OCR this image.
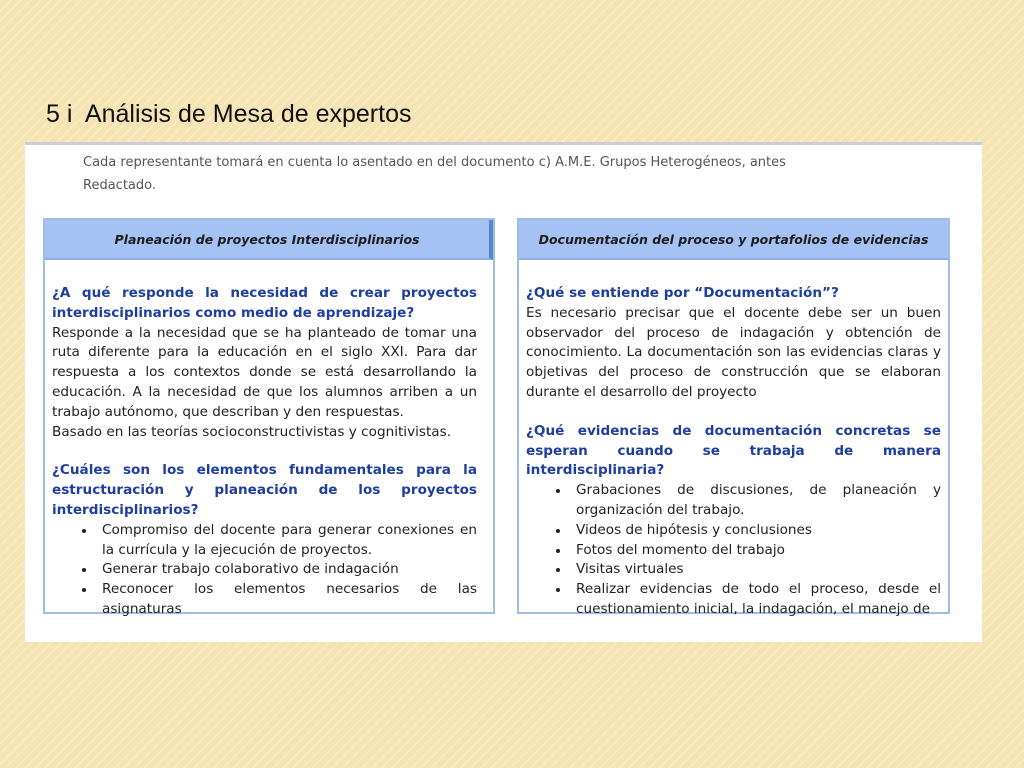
5 i  Análisis de Mesa de expertos
Cada representante tomará en cuenta lo asentado en del documento c) A.M.E. Grupos Heterogéneos, antes
Redactado.
Planeación de proyectos Interdisciplinarios
¿A qué responde la necesidad de crear proyectos interdisciplinarios como medio de aprendizaje?
Responde a la necesidad que se ha planteado de tomar una ruta diferente para la educación en el siglo XXI. Para dar respuesta a los contextos donde se está desarrollando la educación. A la necesidad de que los alumnos arriben a un trabajo autónomo, que describan y den respuestas.
Basado en las teorías socioconstructivistas y cognitivistas.
¿Cuáles son los elementos fundamentales para la estructuración y planeación de los proyectos interdisciplinarios?
• Compromiso del docente para generar conexiones en la currícula y la ejecución de proyectos.
• Generar trabajo colaborativo de indagación
• Reconocer los elementos necesarios de las asignaturas
Documentación del proceso y portafolios de evidencias
¿Qué se entiende por “Documentación”?
Es necesario precisar que el docente debe ser un buen observador del proceso de indagación y obtención de conocimiento. La documentación son las evidencias claras y objetivas del proceso de construcción que se elaboran durante el desarrollo del proyecto
¿Qué evidencias de documentación concretas se esperan cuando se trabaja de manera interdisciplinaria?
• Grabaciones de discusiones, de planeación y organización del trabajo.
• Videos de hipótesis y conclusiones
• Fotos del momento del trabajo
• Visitas virtuales
• Realizar evidencias de todo el proceso, desde el cuestionamiento inicial, la indagación, el manejo de
